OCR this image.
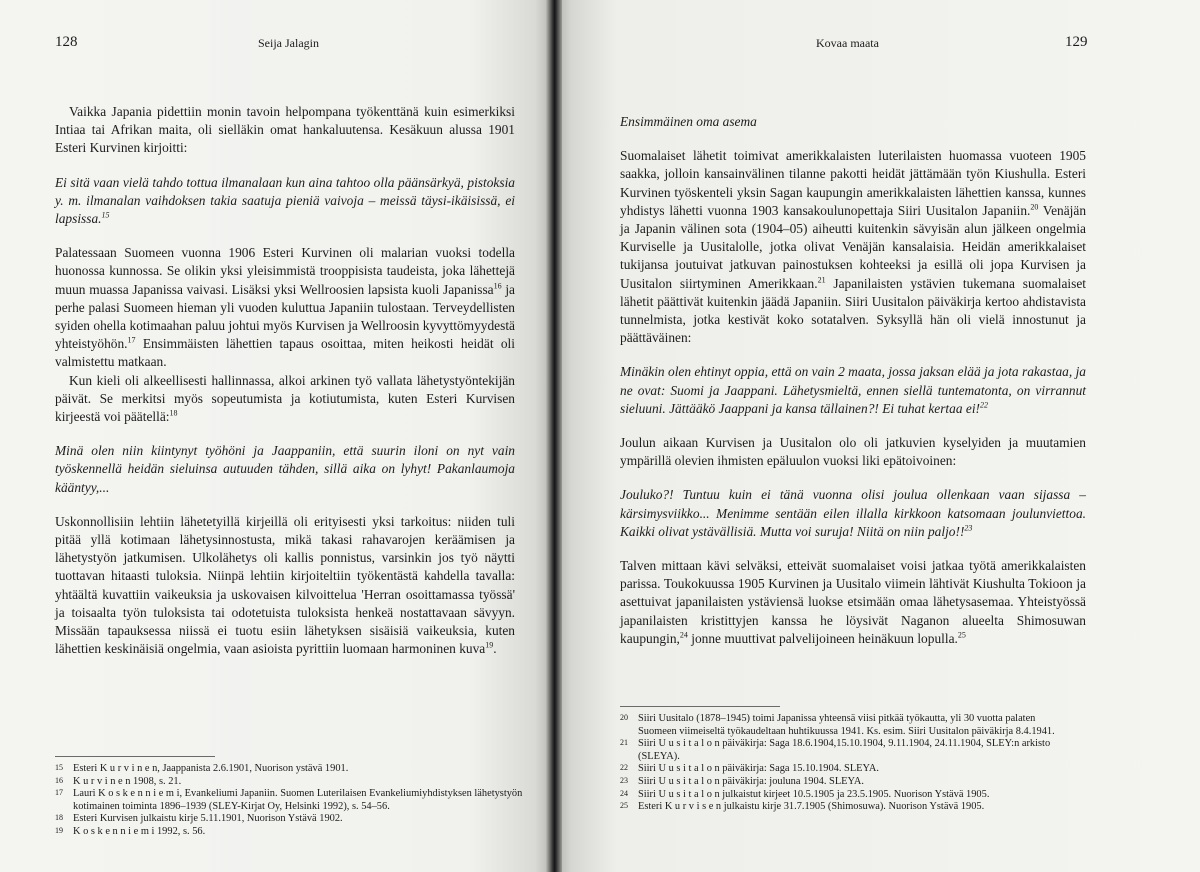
128	Seija Jalagin

Vaikka Japania pidettiin monin tavoin helpompana työkenttänä kuin esimerkiksi Intiaa tai Afrikan maita, oli sielläkin omat hankaluutensa. Kesäkuun alussa 1901 Esteri Kurvinen kirjoitti:

Ei sitä vaan vielä tahdo tottua ilmanalaan kun aina tahtoo olla päänsärkyä, pistoksia y. m. ilmanalan vaihdoksen takia saatuja pieniä vaivoja – meissä täysi-ikäisissä, ei lapsissa.$^{15}$

Palatessaan Suomeen vuonna 1906 Esteri Kurvinen oli malarian vuoksi todella huonossa kunnossa. Se olikin yksi yleisimmistä trooppisista taudeista, joka lähettejä muun muassa Japanissa vaivasi. Lisäksi yksi Wellroosien lapsista kuoli Japanissa$^{16}$ ja perhe palasi Suomeen hieman yli vuoden kuluttua Japaniin tulostaan. Terveydellisten syiden ohella kotimaahan paluu johtui myös Kurvisen ja Wellroosin kyvyttömyydestä yhteistyöhön.$^{17}$ Ensimmäisten lähettien tapaus osoittaa, miten heikosti heidät oli valmistettu matkaan.

Kun kieli oli alkeellisesti hallinnassa, alkoi arkinen työ vallata lähetystyöntekijän päivät. Se merkitsi myös sopeutumista ja kotiutumista, kuten Esteri Kurvisen kirjeestä voi päätellä:$^{18}$

Minä olen niin kiintynyt työhöni ja Jaappaniin, että suurin iloni on nyt vain työskennellä heidän sieluinsa autuuden tähden, sillä aika on lyhyt! Pakanlaumoja kääntyy,...

Uskonnollisiin lehtiin lähetetyillä kirjeillä oli erityisesti yksi tarkoitus: niiden tuli pitää yllä kotimaan lähetysinnostusta, mikä takasi rahavarojen keräämisen ja lähetystyön jatkumisen. Ulkolähetys oli kallis ponnistus, varsinkin jos työ näytti tuottavan hitaasti tuloksia. Niinpä lehtiin kirjoiteltiin työkentästä kahdella tavalla: yhtäältä kuvattiin vaikeuksia ja uskovaisen kilvoittelua 'Herran osoittamassa työssä' ja toisaalta työn tuloksista tai odotetuista tuloksista henkeä nostattavaan sävyyn. Missään tapauksessa niissä ei tuotu esiin lähetyksen sisäisiä vaikeuksia, kuten lähettien keskinäisiä ongelmia, vaan asioista pyrittiin luomaan harmoninen kuva$^{19}$.

15 Esteri K u r v i n e n, Jaappanista 2.6.1901, Nuorison ystävä 1901.
16 K u r v i n e n 1908, s. 21.
17 Lauri K o s k e n n i e m i, Evankeliumi Japaniin. Suomen Luterilaisen Evankeliumiyhdistyksen lähetystyön kotimainen toiminta 1896–1939 (SLEY-Kirjat Oy, Helsinki 1992), s. 54–56.
18 Esteri Kurvisen julkaistu kirje 5.11.1901, Nuorison Ystävä 1902.
19 K o s k e n n i e m i 1992, s. 56.
Kovaa maata	129

Ensimmäinen oma asema

Suomalaiset lähetit toimivat amerikkalaisten luterilaisten huomassa vuoteen 1905 saakka, jolloin kansainvälinen tilanne pakotti heidät jättämään työn Kiushulla. Esteri Kurvinen työskenteli yksin Sagan kaupungin amerikkalaisten lähettien kanssa, kunnes yhdistys lähetti vuonna 1903 kansakoulunopettaja Siiri Uusitalon Japaniin.$^{20}$ Venäjän ja Japanin välinen sota (1904–05) aiheutti kuitenkin sävyisän alun jälkeen ongelmia Kurviselle ja Uusitalolle, jotka olivat Venäjän kansalaisia. Heidän amerikkalaiset tukijansa joutuivat jatkuvan painostuksen kohteeksi ja esillä oli jopa Kurvisen ja Uusitalon siirtyminen Amerikkaan.$^{21}$ Japanilaisten ystävien tukemana suomalaiset lähetit päättivät kuitenkin jäädä Japaniin. Siiri Uusitalon päiväkirja kertoo ahdistavista tunnelmista, jotka kestivät koko sotatalven. Syksyllä hän oli vielä innostunut ja päättäväinen:

Minäkin olen ehtinyt oppia, että on vain 2 maata, jossa jaksan elää ja jota rakastaa, ja ne ovat: Suomi ja Jaappani. Lähetysmieltä, ennen siellä tuntematonta, on virrannut sieluuni. Jättääkö Jaappani ja kansa tällainen?! Ei tuhat kertaa ei!$^{22}$

Joulun aikaan Kurvisen ja Uusitalon olo oli jatkuvien kyselyiden ja muutamien ympärillä olevien ihmisten epäluulon vuoksi liki epätoivoinen:

Jouluko?! Tuntuu kuin ei tänä vuonna olisi joulua ollenkaan vaan sijassa – kärsimysviikko... Menimme sentään eilen illalla kirkkoon katsomaan joulunviettoa. Kaikki olivat ystävällisiä. Mutta voi suruja! Niitä on niin paljo!!$^{23}$

Talven mittaan kävi selväksi, etteivät suomalaiset voisi jatkaa työtä amerikkalaisten parissa. Toukokuussa 1905 Kurvinen ja Uusitalo viimein lähtivät Kiushulta Tokioon ja asettuivat japanilaisten ystäviensä luokse etsimään omaa lähetysasemaa. Yhteistyössä japanilaisten kristittyjen kanssa he löysivät Naganon alueelta Shimosuwan kaupungin,$^{24}$ jonne muuttivat palvelijoineen heinäkuun lopulla.$^{25}$

20 Siiri Uusitalo (1878–1945) toimi Japanissa yhteensä viisi pitkää työkautta, yli 30 vuotta palaten Suomeen viimeiseltä työkaudeltaan huhtikuussa 1941. Ks. esim. Siiri Uusitalon päiväkirja 8.4.1941.
21 Siiri U u s i t a l o n päiväkirja: Saga 18.6.1904,15.10.1904, 9.11.1904, 24.11.1904, SLEY:n arkisto (SLEYA).
22 Siiri U u s i t a l o n päiväkirja: Saga 15.10.1904. SLEYA.
23 Siiri U u s i t a l o n päiväkirja: jouluna 1904. SLEYA.
24 Siiri U u s i t a l o n julkaistut kirjeet 10.5.1905 ja 23.5.1905. Nuorison Ystävä 1905.
25 Esteri K u r v i s e n julkaistu kirje 31.7.1905 (Shimosuwa). Nuorison Ystävä 1905.
